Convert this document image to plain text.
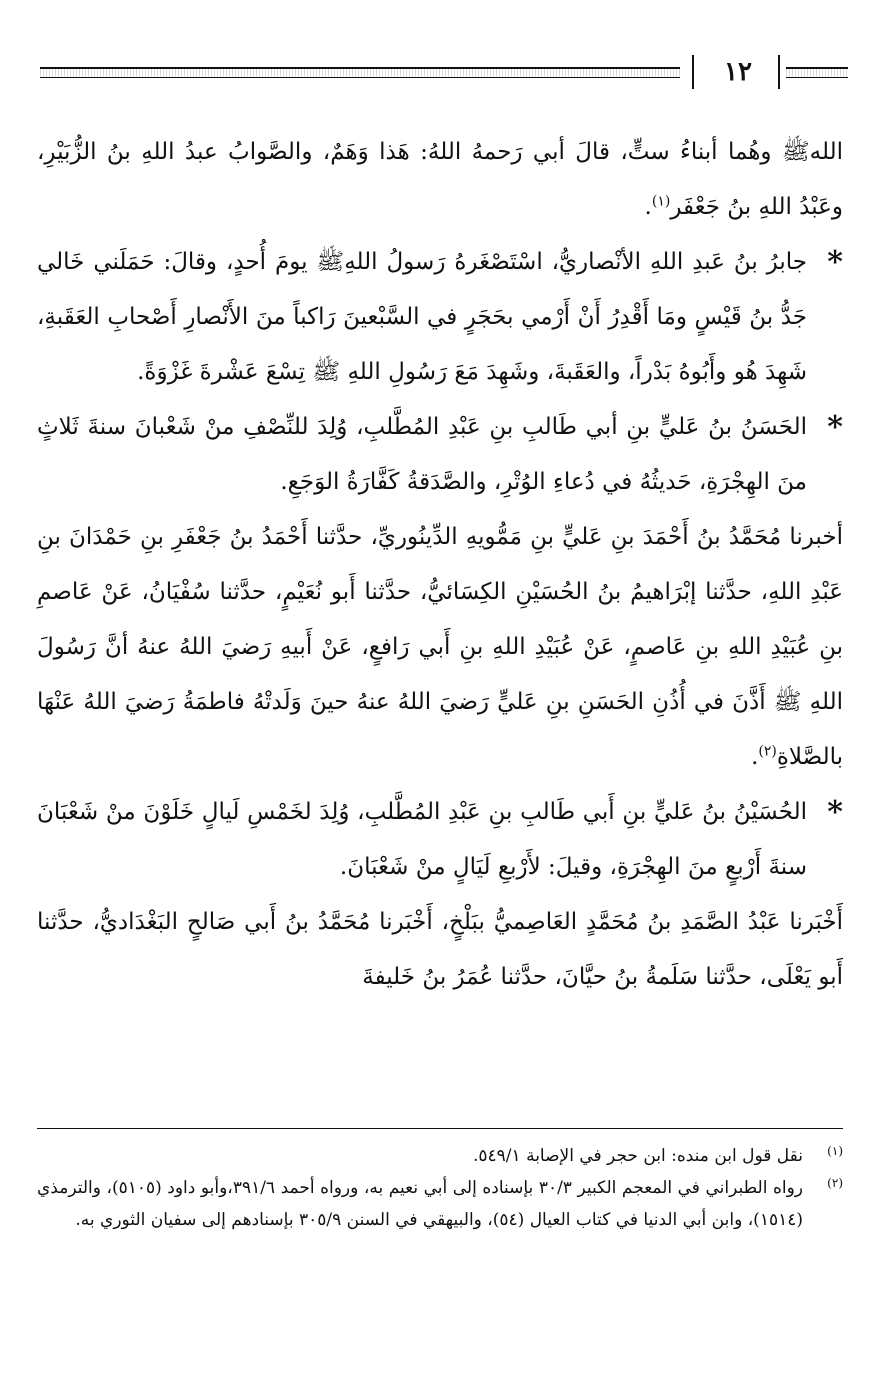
١٢

اللهﷺ وهُما أبناءُ ستٍّ، قالَ أبي رَحمهُ اللهُ: هَذا وَهَمٌ، والصَّوابُ عبدُ اللهِ بنُ الزُّبَيْرِ، وعَبْدُ اللهِ بنُ جَعْفَر$^{(١)}$.

*
جابرُ بنُ عَبدِ اللهِ الأنْصاريُّ، اسْتَصْغَرهُ رَسولُ اللهِﷺ يومَ أُحدٍ، وقالَ: حَمَلَني خَالي جَدُّ بنُ قَيْسٍ ومَا أَقْدِرُ أَنْ أَرْمي بحَجَرٍ في السَّبْعينَ رَاكباً منَ الأَنْصارِ أَصْحابِ العَقَبةِ، شَهِدَ هُو وأَبُوهُ بَدْراً، والعَقَبةَ، وشَهِدَ مَعَ رَسُولِ اللهِ ﷺ تِسْعَ عَشْرةَ غَزْوَةً.

*
الحَسَنُ بنُ عَليٍّ بنِ أبي طَالبِ بنِ عَبْدِ المُطَّلبِ، وُلِدَ للنِّصْفِ منْ شَعْبانَ سنةَ ثَلاثٍ منَ الهِجْرَةِ، حَديثُهُ في دُعاءِ الوُتْرِ، والصَّدَقةُ كَفَّارَةُ الوَجَعِ.

أخبرنا مُحَمَّدُ بنُ أَحْمَدَ بنِ عَليٍّ بنِ مَمُّويهِ الدِّينُوريِّ، حدَّثنا أَحْمَدُ بنُ جَعْفَرِ بنِ حَمْدَانَ بنِ عَبْدِ اللهِ، حدَّثنا إبْرَاهيمُ بنُ الحُسَيْنِ الكِسَائيُّ، حدَّثنا أَبو نُعَيْمٍ، حدَّثنا سُفْيَانُ، عَنْ عَاصمِ بنِ عُبَيْدِ اللهِ بنِ عَاصمٍ، عَنْ عُبَيْدِ اللهِ بنِ أَبي رَافعٍ، عَنْ أَبيهِ رَضيَ اللهُ عنهُ أنَّ رَسُولَ اللهِ ﷺ أَذَّنَ في أُذُنِ الحَسَنِ بنِ عَليٍّ رَضيَ اللهُ عنهُ حينَ وَلَدتْهُ فاطمَةُ رَضيَ اللهُ عَنْهَا بالصَّلاةِ$^{(٢)}$.

*
الحُسَيْنُ بنُ عَليٍّ بنِ أَبي طَالبِ بنِ عَبْدِ المُطَّلبِ، وُلِدَ لخَمْسِ لَيالٍ خَلَوْنَ منْ شَعْبَانَ سنةَ أَرْبعٍ منَ الهِجْرَةِ، وقيلَ: لأَرْبعِ لَيَالٍ منْ شَعْبَانَ.

أَخْبَرنا عَبْدُ الصَّمَدِ بنُ مُحَمَّدٍ العَاصِميُّ ببَلْخٍ، أَخْبَرنا مُحَمَّدُ بنُ أَبي صَالحٍ البَغْدَاديُّ، حدَّثنا أَبو يَعْلَى، حدَّثنا سَلَمةُ بنُ حيَّانَ، حدَّثنا عُمَرُ بنُ خَليفةَ

(١)
نقل قول ابن منده: ابن حجر في الإصابة ٥٤٩/١.

(٢)
رواه الطبراني في المعجم الكبير ٣٠/٣ بإسناده إلى أبي نعيم به، ورواه أحمد ٣٩١/٦،وأبو داود (٥١٠٥)، والترمذي (١٥١٤)، وابن أبي الدنيا في كتاب العيال (٥٤)، والبيهقي في السنن ٣٠٥/٩ بإسنادهم إلى سفيان الثوري به.
